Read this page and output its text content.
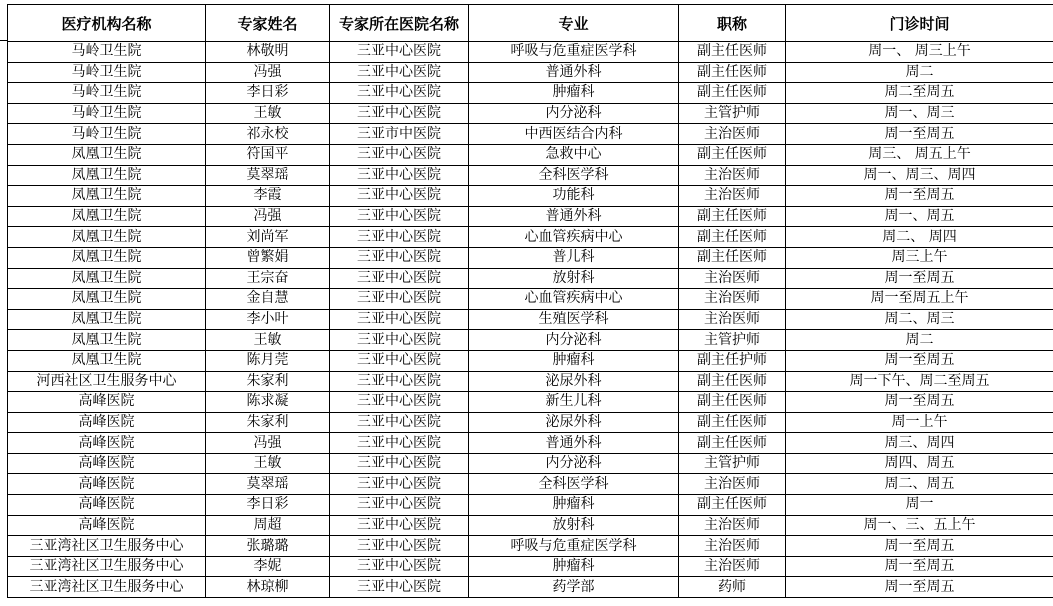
医疗机构名称	专家姓名	专家所在医院名称	专业	职称	门诊时间
马岭卫生院	林敬明	三亚中心医院	呼吸与危重症医学科	副主任医师	周一、 周三上午
马岭卫生院	冯强	三亚中心医院	普通外科	副主任医师	周二
马岭卫生院	李日彩	三亚中心医院	肿瘤科	副主任医师	周二至周五
马岭卫生院	王敏	三亚中心医院	内分泌科	主管护师	周一、周三
马岭卫生院	祁永校	三亚市中医院	中西医结合内科	主治医师	周一至周五
凤凰卫生院	符国平	三亚中心医院	急救中心	副主任医师	周三、 周五上午
凤凰卫生院	莫翠瑶	三亚中心医院	全科医学科	主治医师	周一、周三、周四
凤凰卫生院	李霞	三亚中心医院	功能科	主治医师	周一至周五
凤凰卫生院	冯强	三亚中心医院	普通外科	副主任医师	周一、周五
凤凰卫生院	刘尚军	三亚中心医院	心血管疾病中心	副主任医师	周二、 周四
凤凰卫生院	曾繁娟	三亚中心医院	普儿科	副主任医师	周三上午
凤凰卫生院	王宗奋	三亚中心医院	放射科	主治医师	周一至周五
凤凰卫生院	金自慧	三亚中心医院	心血管疾病中心	主治医师	周一至周五上午
凤凰卫生院	李小叶	三亚中心医院	生殖医学科	主治医师	周二、周三
凤凰卫生院	王敏	三亚中心医院	内分泌科	主管护师	周二
凤凰卫生院	陈月莞	三亚中心医院	肿瘤科	副主任护师	周一至周五
河西社区卫生服务中心	朱家利	三亚中心医院	泌尿外科	副主任医师	周一下午、周二至周五
高峰医院	陈求凝	三亚中心医院	新生儿科	副主任医师	周一至周五
高峰医院	朱家利	三亚中心医院	泌尿外科	副主任医师	周一上午
高峰医院	冯强	三亚中心医院	普通外科	副主任医师	周三、周四
高峰医院	王敏	三亚中心医院	内分泌科	主管护师	周四、周五
高峰医院	莫翠瑶	三亚中心医院	全科医学科	主治医师	周二、周五
高峰医院	李日彩	三亚中心医院	肿瘤科	副主任医师	周一
高峰医院	周超	三亚中心医院	放射科	主治医师	周一、三、五上午
三亚湾社区卫生服务中心	张璐璐	三亚中心医院	呼吸与危重症医学科	主治医师	周一至周五
三亚湾社区卫生服务中心	李妮	三亚中心医院	肿瘤科	主治医师	周一至周五
三亚湾社区卫生服务中心	林琼柳	三亚中心医院	药学部	药师	周一至周五
